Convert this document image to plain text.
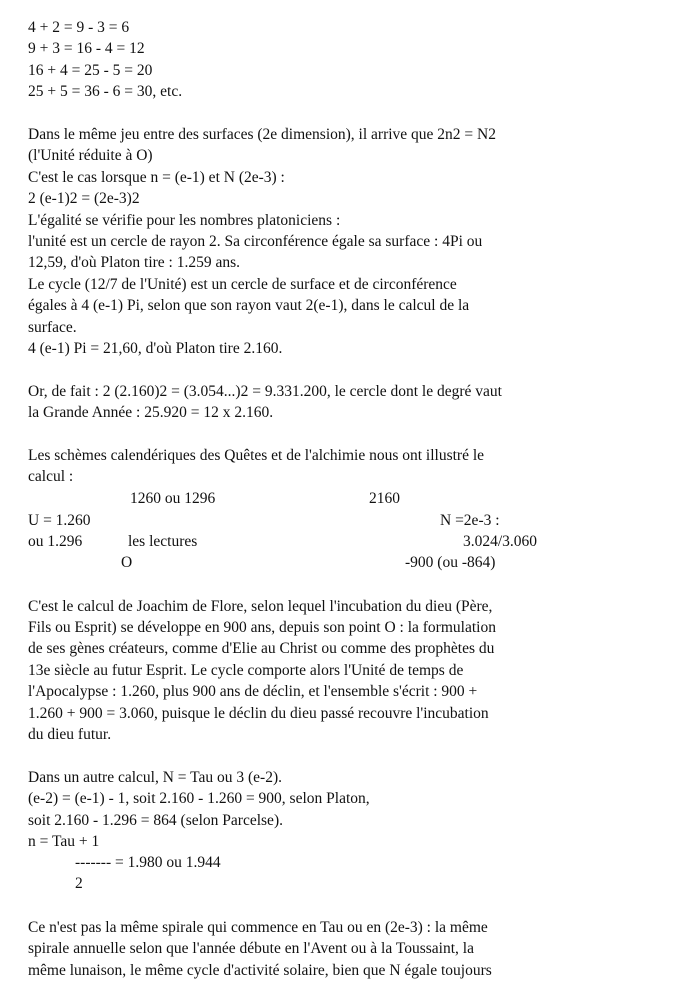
4 + 2 = 9 - 3 = 6
9 + 3 = 16 - 4 = 12
16 + 4 = 25 - 5 = 20
25 + 5 = 36 - 6 = 30, etc.
Dans le même jeu entre des surfaces (2e dimension), il arrive que 2n2 = N2
(l'Unité réduite à O)
C'est le cas lorsque n = (e-1) et N (2e-3) :
2 (e-1)2 = (2e-3)2
L'égalité se vérifie pour les nombres platoniciens :
l'unité est un cercle de rayon 2. Sa circonférence égale sa surface : 4Pi ou
12,59, d'où Platon tire : 1.259 ans.
Le cycle (12/7 de l'Unité) est un cercle de surface et de circonférence
égales à 4 (e-1) Pi, selon que son rayon vaut 2(e-1), dans le calcul de la
surface.
4 (e-1) Pi = 21,60, d'où Platon tire 2.160.
Or, de fait : 2 (2.160)2 = (3.054...)2 = 9.331.200, le cercle dont le degré vaut
la Grande Année : 25.920 = 12 x 2.160.
Les schèmes calendériques des Quêtes et de l'alchimie nous ont illustré le
calcul :
1260 ou 1296	2160
U = 1.260	N =2e-3 :
ou 1.296	les lectures	3.024/3.060
O	-900 (ou -864)
C'est le calcul de Joachim de Flore, selon lequel l'incubation du dieu (Père,
Fils ou Esprit) se développe en 900 ans, depuis son point O : la formulation
de ses gènes créateurs, comme d'Elie au Christ ou comme des prophètes du
13e siècle au futur Esprit. Le cycle comporte alors l'Unité de temps de
l'Apocalypse : 1.260, plus 900 ans de déclin, et l'ensemble s'écrit : 900 +
1.260 + 900 = 3.060, puisque le déclin du dieu passé recouvre l'incubation
du dieu futur.
Dans un autre calcul, N = Tau ou 3 (e-2).
(e-2) = (e-1) - 1, soit 2.160 - 1.260 = 900, selon Platon,
soit 2.160 - 1.296 = 864 (selon Parcelse).
n = Tau + 1
------- = 1.980 ou 1.944
2
Ce n'est pas la même spirale qui commence en Tau ou en (2e-3) : la même
spirale annuelle selon que l'année débute en l'Avent ou à la Toussaint, la
même lunaison, le même cycle d'activité solaire, bien que N égale toujours
